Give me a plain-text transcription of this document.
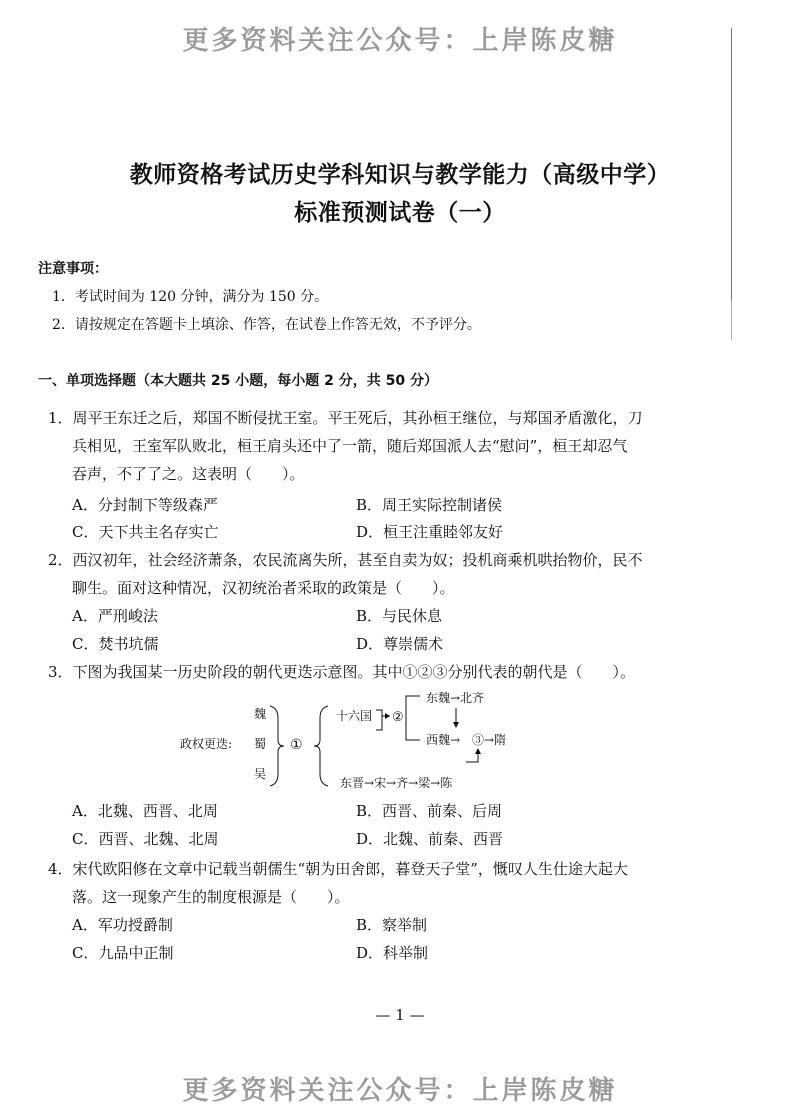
更多资料关注公众号：上岸陈皮糖
教师资格考试历史学科知识与教学能力（高级中学）
标准预测试卷（一）
注意事项：
1．考试时间为 120 分钟，满分为 150 分。
2．请按规定在答题卡上填涂、作答，在试卷上作答无效，不予评分。
一、单项选择题（本大题共 25 小题，每小题 2 分，共 50 分）
1．周平王东迁之后，郑国不断侵扰王室。平王死后，其孙桓王继位，与郑国矛盾激化，刀
兵相见，王室军队败北，桓王肩头还中了一箭，随后郑国派人去“慰问”，桓王却忍气
吞声，不了了之。这表明（　　）。
A．分封制下等级森严	B．周王实际控制诸侯
C．天下共主名存实亡	D．桓王注重睦邻友好
2．西汉初年，社会经济萧条，农民流离失所，甚至自卖为奴；投机商乘机哄抬物价，民不
聊生。面对这种情况，汉初统治者采取的政策是（　　）。
A．严刑峻法	B．与民休息
C．焚书坑儒	D．尊崇儒术
3．下图为我国某一历史阶段的朝代更迭示意图。其中①②③分别代表的朝代是（　　）。
政权更迭:
魏
蜀
吴
①
十六国 ②
东魏→北齐
西魏→ ③→隋
东晋→宋→齐→梁→陈
A．北魏、西晋、北周	B．西晋、前秦、后周
C．西晋、北魏、北周	D．北魏、前秦、西晋
4．宋代欧阳修在文章中记载当朝儒生“朝为田舍郎，暮登天子堂”，慨叹人生仕途大起大
落。这一现象产生的制度根源是（　　）。
A．军功授爵制	B．察举制
C．九品中正制	D．科举制
— 1 —
更多资料关注公众号：上岸陈皮糖
